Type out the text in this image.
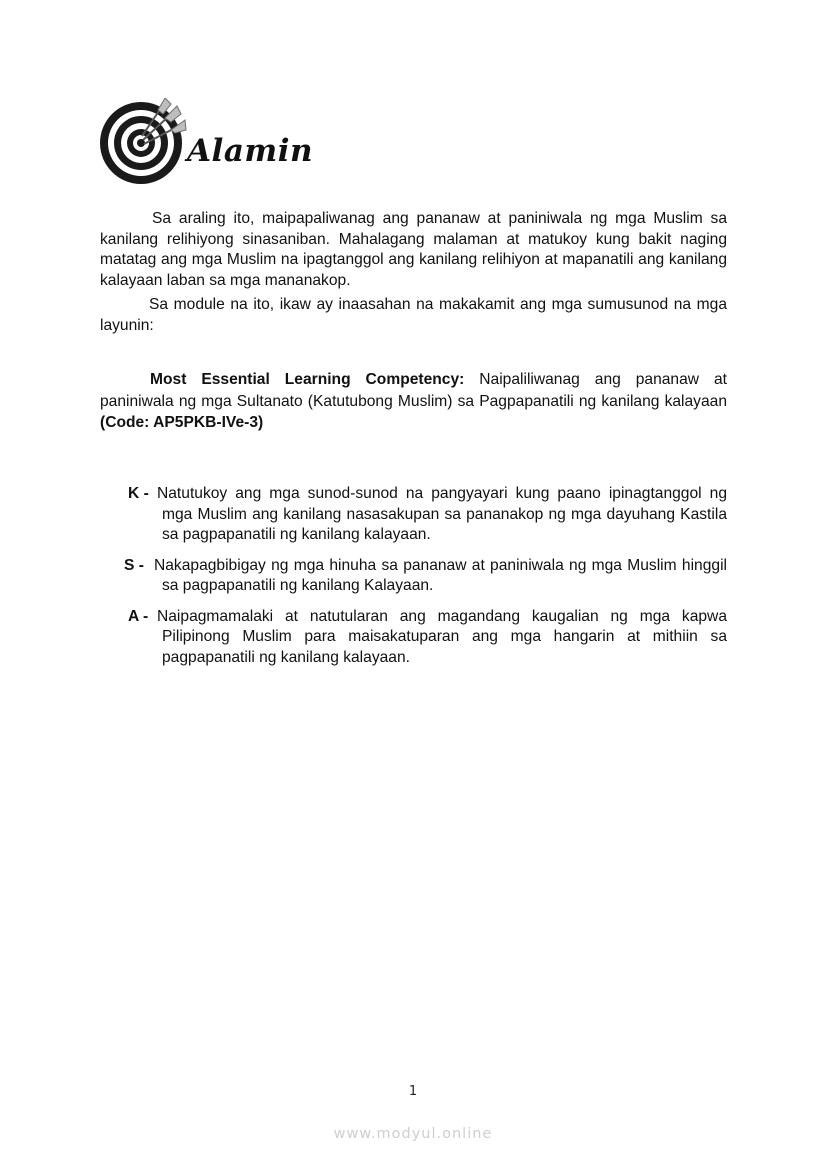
Alamin

Sa araling ito, maipapaliwanag ang pananaw at paniniwala ng mga Muslim sa kanilang relihiyong sinasaniban. Mahalagang malaman at matukoy kung bakit naging matatag ang mga Muslim na ipagtanggol ang kanilang relihiyon at mapanatili ang kanilang kalayaan laban sa mga mananakop.

Sa module na ito, ikaw ay inaasahan na makakamit ang mga sumusunod na mga layunin:

Most Essential Learning Competency: Naipaliliwanag ang pananaw at paniniwala ng mga Sultanato (Katutubong Muslim) sa Pagpapanatili ng kanilang kalayaan (Code: AP5PKB-IVe-3)

K - Natutukoy ang mga sunod-sunod na pangyayari kung paano ipinagtanggol ng mga Muslim ang kanilang nasasakupan sa pananakop ng mga dayuhang Kastila sa pagpapanatili ng kanilang kalayaan.

S - Nakapagbibigay ng mga hinuha sa pananaw at paniniwala ng mga Muslim hinggil sa pagpapanatili ng kanilang Kalayaan.

A - Naipagmamalaki at natutularan ang magandang kaugalian ng mga kapwa Pilipinong Muslim para maisakatuparan ang mga hangarin at mithiin sa pagpapanatili ng kanilang kalayaan.

1
www.modyul.online
